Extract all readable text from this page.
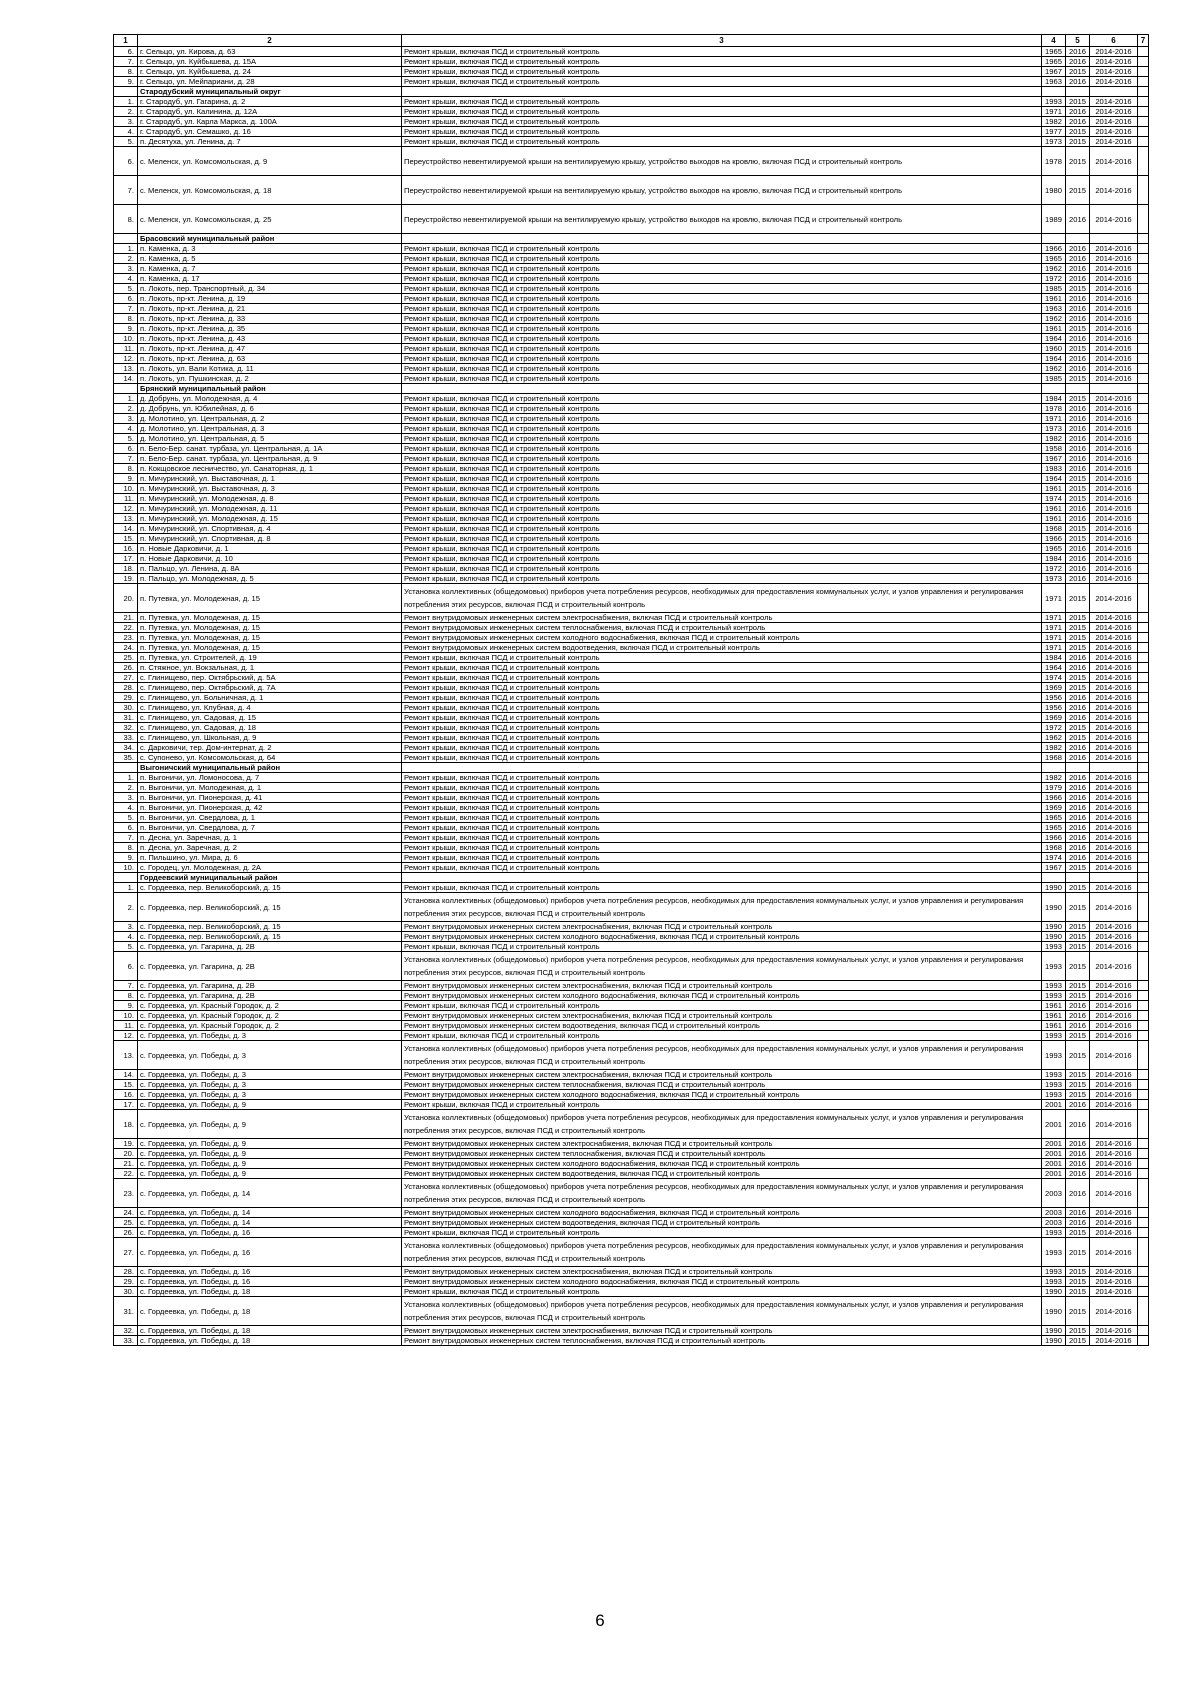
1	2	3	4	5	6	7
6.	г. Сельцо, ул. Кирова, д. 63	Ремонт крыши, включая ПСД и строительный контроль	1965	2016	2014-2016	
7.	г. Сельцо, ул. Куйбышева, д. 15А	Ремонт крыши, включая ПСД и строительный контроль	1965	2016	2014-2016	
8.	г. Сельцо, ул. Куйбышева, д. 24	Ремонт крыши, включая ПСД и строительный контроль	1967	2015	2014-2016	
9.	г. Сельцо, ул. Мейпариани, д. 28	Ремонт крыши, включая ПСД и строительный контроль	1963	2016	2014-2016	
	Стародубский муниципальный округ					
1.	г. Стародуб, ул. Гагарина, д. 2	Ремонт крыши, включая ПСД и строительный контроль	1993	2015	2014-2016	
2.	г. Стародуб, ул. Калинина, д. 12А	Ремонт крыши, включая ПСД и строительный контроль	1971	2016	2014-2016	
3.	г. Стародуб, ул. Карла Маркса, д. 100А	Ремонт крыши, включая ПСД и строительный контроль	1982	2016	2014-2016	
4.	г. Стародуб, ул. Семашко, д. 16	Ремонт крыши, включая ПСД и строительный контроль	1977	2015	2014-2016	
5.	п. Десятуха, ул. Ленина, д. 7	Ремонт крыши, включая ПСД и строительный контроль	1973	2015	2014-2016	
6.	с. Меленск, ул. Комсомольская, д. 9	Переустройство невентилируемой крыши на вентилируемую крышу, устройство выходов на кровлю, включая ПСД и строительный контроль	1978	2015	2014-2016	
7.	с. Меленск, ул. Комсомольская, д. 18	Переустройство невентилируемой крыши на вентилируемую крышу, устройство выходов на кровлю, включая ПСД и строительный контроль	1980	2015	2014-2016	
8.	с. Меленск, ул. Комсомольская, д. 25	Переустройство невентилируемой крыши на вентилируемую крышу, устройство выходов на кровлю, включая ПСД и строительный контроль	1989	2016	2014-2016	
	Брасовский муниципальный район					
1.	п. Каменка, д. 3	Ремонт крыши, включая ПСД и строительный контроль	1966	2016	2014-2016	
2.	п. Каменка, д. 5	Ремонт крыши, включая ПСД и строительный контроль	1965	2016	2014-2016	
3.	п. Каменка, д. 7	Ремонт крыши, включая ПСД и строительный контроль	1962	2016	2014-2016	
4.	п. Каменка, д. 17	Ремонт крыши, включая ПСД и строительный контроль	1972	2016	2014-2016	
5.	п. Локоть, пер. Транспортный, д. 34	Ремонт крыши, включая ПСД и строительный контроль	1985	2015	2014-2016	
6.	п. Локоть, пр-кт. Ленина, д. 19	Ремонт крыши, включая ПСД и строительный контроль	1961	2016	2014-2016	
7.	п. Локоть, пр-кт. Ленина, д. 21	Ремонт крыши, включая ПСД и строительный контроль	1963	2016	2014-2016	
8.	п. Локоть, пр-кт. Ленина, д. 33	Ремонт крыши, включая ПСД и строительный контроль	1962	2016	2014-2016	
9.	п. Локоть, пр-кт. Ленина, д. 35	Ремонт крыши, включая ПСД и строительный контроль	1961	2015	2014-2016	
10.	п. Локоть, пр-кт. Ленина, д. 43	Ремонт крыши, включая ПСД и строительный контроль	1964	2016	2014-2016	
11.	п. Локоть, пр-кт. Ленина, д. 47	Ремонт крыши, включая ПСД и строительный контроль	1960	2015	2014-2016	
12.	п. Локоть, пр-кт. Ленина, д. 63	Ремонт крыши, включая ПСД и строительный контроль	1964	2016	2014-2016	
13.	п. Локоть, ул. Вали Котика, д. 11	Ремонт крыши, включая ПСД и строительный контроль	1962	2016	2014-2016	
14.	п. Локоть, ул. Пушкинская, д. 2	Ремонт крыши, включая ПСД и строительный контроль	1985	2015	2014-2016	
	Брянский муниципальный район					
1.	д. Добрунь, ул. Молодежная, д. 4	Ремонт крыши, включая ПСД и строительный контроль	1984	2015	2014-2016	
2.	д. Добрунь, ул. Юбилейная, д. 6	Ремонт крыши, включая ПСД и строительный контроль	1978	2016	2014-2016	
3.	д. Молотино, ул. Центральная, д. 2	Ремонт крыши, включая ПСД и строительный контроль	1971	2016	2014-2016	
4.	д. Молотино, ул. Центральная, д. 3	Ремонт крыши, включая ПСД и строительный контроль	1973	2016	2014-2016	
5.	д. Молотино, ул. Центральная, д. 5	Ремонт крыши, включая ПСД и строительный контроль	1982	2016	2014-2016	
6.	п. Бело-Бер. санат. турбаза, ул. Центральная, д. 1А	Ремонт крыши, включая ПСД и строительный контроль	1958	2016	2014-2016	
7.	п. Бело-Бер. санат. турбаза, ул. Центральная, д. 9	Ремонт крыши, включая ПСД и строительный контроль	1967	2016	2014-2016	
8.	п. Кокщовское лесничество, ул. Санаторная, д. 1	Ремонт крыши, включая ПСД и строительный контроль	1983	2016	2014-2016	
9.	п. Мичуринский, ул. Выставочная, д. 1	Ремонт крыши, включая ПСД и строительный контроль	1964	2015	2014-2016	
10.	п. Мичуринский, ул. Выставочная, д. 3	Ремонт крыши, включая ПСД и строительный контроль	1961	2015	2014-2016	
11.	п. Мичуринский, ул. Молодежная, д. 8	Ремонт крыши, включая ПСД и строительный контроль	1974	2015	2014-2016	
12.	п. Мичуринский, ул. Молодежная, д. 11	Ремонт крыши, включая ПСД и строительный контроль	1961	2016	2014-2016	
13.	п. Мичуринский, ул. Молодежная, д. 15	Ремонт крыши, включая ПСД и строительный контроль	1961	2016	2014-2016	
14.	п. Мичуринский, ул. Спортивная, д. 4	Ремонт крыши, включая ПСД и строительный контроль	1968	2015	2014-2016	
15.	п. Мичуринский, ул. Спортивная, д. 8	Ремонт крыши, включая ПСД и строительный контроль	1966	2015	2014-2016	
16.	п. Новые Дарковичи, д. 1	Ремонт крыши, включая ПСД и строительный контроль	1965	2016	2014-2016	
17.	п. Новые Дарковичи, д. 10	Ремонт крыши, включая ПСД и строительный контроль	1984	2016	2014-2016	
18.	п. Пальцо, ул. Ленина, д. 8А	Ремонт крыши, включая ПСД и строительный контроль	1972	2016	2014-2016	
19.	п. Пальцо, ул. Молодежная, д. 5	Ремонт крыши, включая ПСД и строительный контроль	1973	2016	2014-2016	
20.	п. Путевка, ул. Молодежная, д. 15	Установка коллективных (общедомовых) приборов учета потребления ресурсов, необходимых для предоставления коммунальных услуг, и узлов управления и регулирования потребления этих ресурсов, включая ПСД и строительный контроль	1971	2015	2014-2016	
21.	п. Путевка, ул. Молодежная, д. 15	Ремонт внутридомовых инженерных систем электроснабжения, включая ПСД и строительный контроль	1971	2015	2014-2016	
22.	п. Путевка, ул. Молодежная, д. 15	Ремонт внутридомовых инженерных систем теплоснабжения, включая ПСД и строительный контроль	1971	2015	2014-2016	
23.	п. Путевка, ул. Молодежная, д. 15	Ремонт внутридомовых инженерных систем холодного водоснабжения, включая ПСД и строительный контроль	1971	2015	2014-2016	
24.	п. Путевка, ул. Молодежная, д. 15	Ремонт внутридомовых инженерных систем водоотведения, включая ПСД и строительный контроль	1971	2015	2014-2016	
25.	п. Путевка, ул. Строителей, д. 19	Ремонт крыши, включая ПСД и строительный контроль	1984	2016	2014-2016	
26.	п. Стяжное, ул. Вокзальная, д. 1	Ремонт крыши, включая ПСД и строительный контроль	1964	2016	2014-2016	
27.	с. Глинищево, пер. Октябрьский, д. 5А	Ремонт крыши, включая ПСД и строительный контроль	1974	2015	2014-2016	
28.	с. Глинищево, пер. Октябрьский, д. 7А	Ремонт крыши, включая ПСД и строительный контроль	1969	2015	2014-2016	
29.	с. Глинищево, ул. Больничная, д. 1	Ремонт крыши, включая ПСД и строительный контроль	1956	2016	2014-2016	
30.	с. Глинищево, ул. Клубная, д. 4	Ремонт крыши, включая ПСД и строительный контроль	1956	2016	2014-2016	
31.	с. Глинищево, ул. Садовая, д. 15	Ремонт крыши, включая ПСД и строительный контроль	1969	2016	2014-2016	
32.	с. Глинищево, ул. Садовая, д. 18	Ремонт крыши, включая ПСД и строительный контроль	1972	2015	2014-2016	
33.	с. Глинищево, ул. Школьная, д. 9	Ремонт крыши, включая ПСД и строительный контроль	1962	2015	2014-2016	
34.	с. Дарковичи, тер. Дом-интернат, д. 2	Ремонт крыши, включая ПСД и строительный контроль	1982	2016	2014-2016	
35.	с. Супонево, ул. Комсомольская, д. 64	Ремонт крыши, включая ПСД и строительный контроль	1968	2016	2014-2016	
	Выгоничский муниципальный район					
1.	п. Выгоничи, ул. Ломоносова, д. 7	Ремонт крыши, включая ПСД и строительный контроль	1982	2016	2014-2016	
2.	п. Выгоничи, ул. Молодежная, д. 1	Ремонт крыши, включая ПСД и строительный контроль	1979	2016	2014-2016	
3.	п. Выгоничи, ул. Пионерская, д. 41	Ремонт крыши, включая ПСД и строительный контроль	1966	2016	2014-2016	
4.	п. Выгоничи, ул. Пионерская, д. 42	Ремонт крыши, включая ПСД и строительный контроль	1969	2016	2014-2016	
5.	п. Выгоничи, ул. Свердлова, д. 1	Ремонт крыши, включая ПСД и строительный контроль	1965	2016	2014-2016	
6.	п. Выгоничи, ул. Свердлова, д. 7	Ремонт крыши, включая ПСД и строительный контроль	1965	2016	2014-2016	
7.	п. Десна, ул. Заречная, д. 1	Ремонт крыши, включая ПСД и строительный контроль	1966	2016	2014-2016	
8.	п. Десна, ул. Заречная, д. 2	Ремонт крыши, включая ПСД и строительный контроль	1968	2016	2014-2016	
9.	п. Пильшино, ул. Мира, д. 6	Ремонт крыши, включая ПСД и строительный контроль	1974	2016	2014-2016	
10.	с. Городец, ул. Молодежная, д. 2А	Ремонт крыши, включая ПСД и строительный контроль	1967	2015	2014-2016	
	Гордеевский муниципальный район					
1.	с. Гордеевка, пер. Великоборский, д. 15	Ремонт крыши, включая ПСД и строительный контроль	1990	2015	2014-2016	
2.	с. Гордеевка, пер. Великоборский, д. 15	Установка коллективных (общедомовых) приборов учета потребления ресурсов, необходимых для предоставления коммунальных услуг, и узлов управления и регулирования потребления этих ресурсов, включая ПСД и строительный контроль	1990	2015	2014-2016	
3.	с. Гордеевка, пер. Великоборский, д. 15	Ремонт внутридомовых инженерных систем электроснабжения, включая ПСД и строительный контроль	1990	2015	2014-2016	
4.	с. Гордеевка, пер. Великоборский, д. 15	Ремонт внутридомовых инженерных систем холодного водоснабжения, включая ПСД и строительный контроль	1990	2015	2014-2016	
5.	с. Гордеевка, ул. Гагарина, д. 2В	Ремонт крыши, включая ПСД и строительный контроль	1993	2015	2014-2016	
6.	с. Гордеевка, ул. Гагарина, д. 2В	Установка коллективных (общедомовых) приборов учета потребления ресурсов, необходимых для предоставления коммунальных услуг, и узлов управления и регулирования потребления этих ресурсов, включая ПСД и строительный контроль	1993	2015	2014-2016	
7.	с. Гордеевка, ул. Гагарина, д. 2В	Ремонт внутридомовых инженерных систем электроснабжения, включая ПСД и строительный контроль	1993	2015	2014-2016	
8.	с. Гордеевка, ул. Гагарина, д. 2В	Ремонт внутридомовых инженерных систем холодного водоснабжения, включая ПСД и строительный контроль	1993	2015	2014-2016	
9.	с. Гордеевка, ул. Красный Городок, д. 2	Ремонт крыши, включая ПСД и строительный контроль	1961	2016	2014-2016	
10.	с. Гордеевка, ул. Красный Городок, д. 2	Ремонт внутридомовых инженерных систем электроснабжения, включая ПСД и строительный контроль	1961	2016	2014-2016	
11.	с. Гордеевка, ул. Красный Городок, д. 2	Ремонт внутридомовых инженерных систем водоотведения, включая ПСД и строительный контроль	1961	2016	2014-2016	
12.	с. Гордеевка, ул. Победы, д. 3	Ремонт крыши, включая ПСД и строительный контроль	1993	2015	2014-2016	
13.	с. Гордеевка, ул. Победы, д. 3	Установка коллективных (общедомовых) приборов учета потребления ресурсов, необходимых для предоставления коммунальных услуг, и узлов управления и регулирования потребления этих ресурсов, включая ПСД и строительный контроль	1993	2015	2014-2016	
14.	с. Гордеевка, ул. Победы, д. 3	Ремонт внутридомовых инженерных систем электроснабжения, включая ПСД и строительный контроль	1993	2015	2014-2016	
15.	с. Гордеевка, ул. Победы, д. 3	Ремонт внутридомовых инженерных систем теплоснабжения, включая ПСД и строительный контроль	1993	2015	2014-2016	
16.	с. Гордеевка, ул. Победы, д. 3	Ремонт внутридомовых инженерных систем холодного водоснабжения, включая ПСД и строительный контроль	1993	2015	2014-2016	
17.	с. Гордеевка, ул. Победы, д. 9	Ремонт крыши, включая ПСД и строительный контроль	2001	2016	2014-2016	
18.	с. Гордеевка, ул. Победы, д. 9	Установка коллективных (общедомовых) приборов учета потребления ресурсов, необходимых для предоставления коммунальных услуг, и узлов управления и регулирования потребления этих ресурсов, включая ПСД и строительный контроль	2001	2016	2014-2016	
19.	с. Гордеевка, ул. Победы, д. 9	Ремонт внутридомовых инженерных систем электроснабжения, включая ПСД и строительный контроль	2001	2016	2014-2016	
20.	с. Гордеевка, ул. Победы, д. 9	Ремонт внутридомовых инженерных систем теплоснабжения, включая ПСД и строительный контроль	2001	2016	2014-2016	
21.	с. Гордеевка, ул. Победы, д. 9	Ремонт внутридомовых инженерных систем холодного водоснабжения, включая ПСД и строительный контроль	2001	2016	2014-2016	
22.	с. Гордеевка, ул. Победы, д. 9	Ремонт внутридомовых инженерных систем водоотведения, включая ПСД и строительный контроль	2001	2016	2014-2016	
23.	с. Гордеевка, ул. Победы, д. 14	Установка коллективных (общедомовых) приборов учета потребления ресурсов, необходимых для предоставления коммунальных услуг, и узлов управления и регулирования потребления этих ресурсов, включая ПСД и строительный контроль	2003	2016	2014-2016	
24.	с. Гордеевка, ул. Победы, д. 14	Ремонт внутридомовых инженерных систем холодного водоснабжения, включая ПСД и строительный контроль	2003	2016	2014-2016	
25.	с. Гордеевка, ул. Победы, д. 14	Ремонт внутридомовых инженерных систем водоотведения, включая ПСД и строительный контроль	2003	2016	2014-2016	
26.	с. Гордеевка, ул. Победы, д. 16	Ремонт крыши, включая ПСД и строительный контроль	1993	2015	2014-2016	
27.	с. Гордеевка, ул. Победы, д. 16	Установка коллективных (общедомовых) приборов учета потребления ресурсов, необходимых для предоставления коммунальных услуг, и узлов управления и регулирования потребления этих ресурсов, включая ПСД и строительный контроль	1993	2015	2014-2016	
28.	с. Гордеевка, ул. Победы, д. 16	Ремонт внутридомовых инженерных систем электроснабжения, включая ПСД и строительный контроль	1993	2015	2014-2016	
29.	с. Гордеевка, ул. Победы, д. 16	Ремонт внутридомовых инженерных систем холодного водоснабжения, включая ПСД и строительный контроль	1993	2015	2014-2016	
30.	с. Гордеевка, ул. Победы, д. 18	Ремонт крыши, включая ПСД и строительный контроль	1990	2015	2014-2016	
31.	с. Гордеевка, ул. Победы, д. 18	Установка коллективных (общедомовых) приборов учета потребления ресурсов, необходимых для предоставления коммунальных услуг, и узлов управления и регулирования потребления этих ресурсов, включая ПСД и строительный контроль	1990	2015	2014-2016	
32.	с. Гордеевка, ул. Победы, д. 18	Ремонт внутридомовых инженерных систем электроснабжения, включая ПСД и строительный контроль	1990	2015	2014-2016	
33.	с. Гордеевка, ул. Победы, д. 18	Ремонт внутридомовых инженерных систем теплоснабжения, включая ПСД и строительный контроль	1990	2015	2014-2016	
6
